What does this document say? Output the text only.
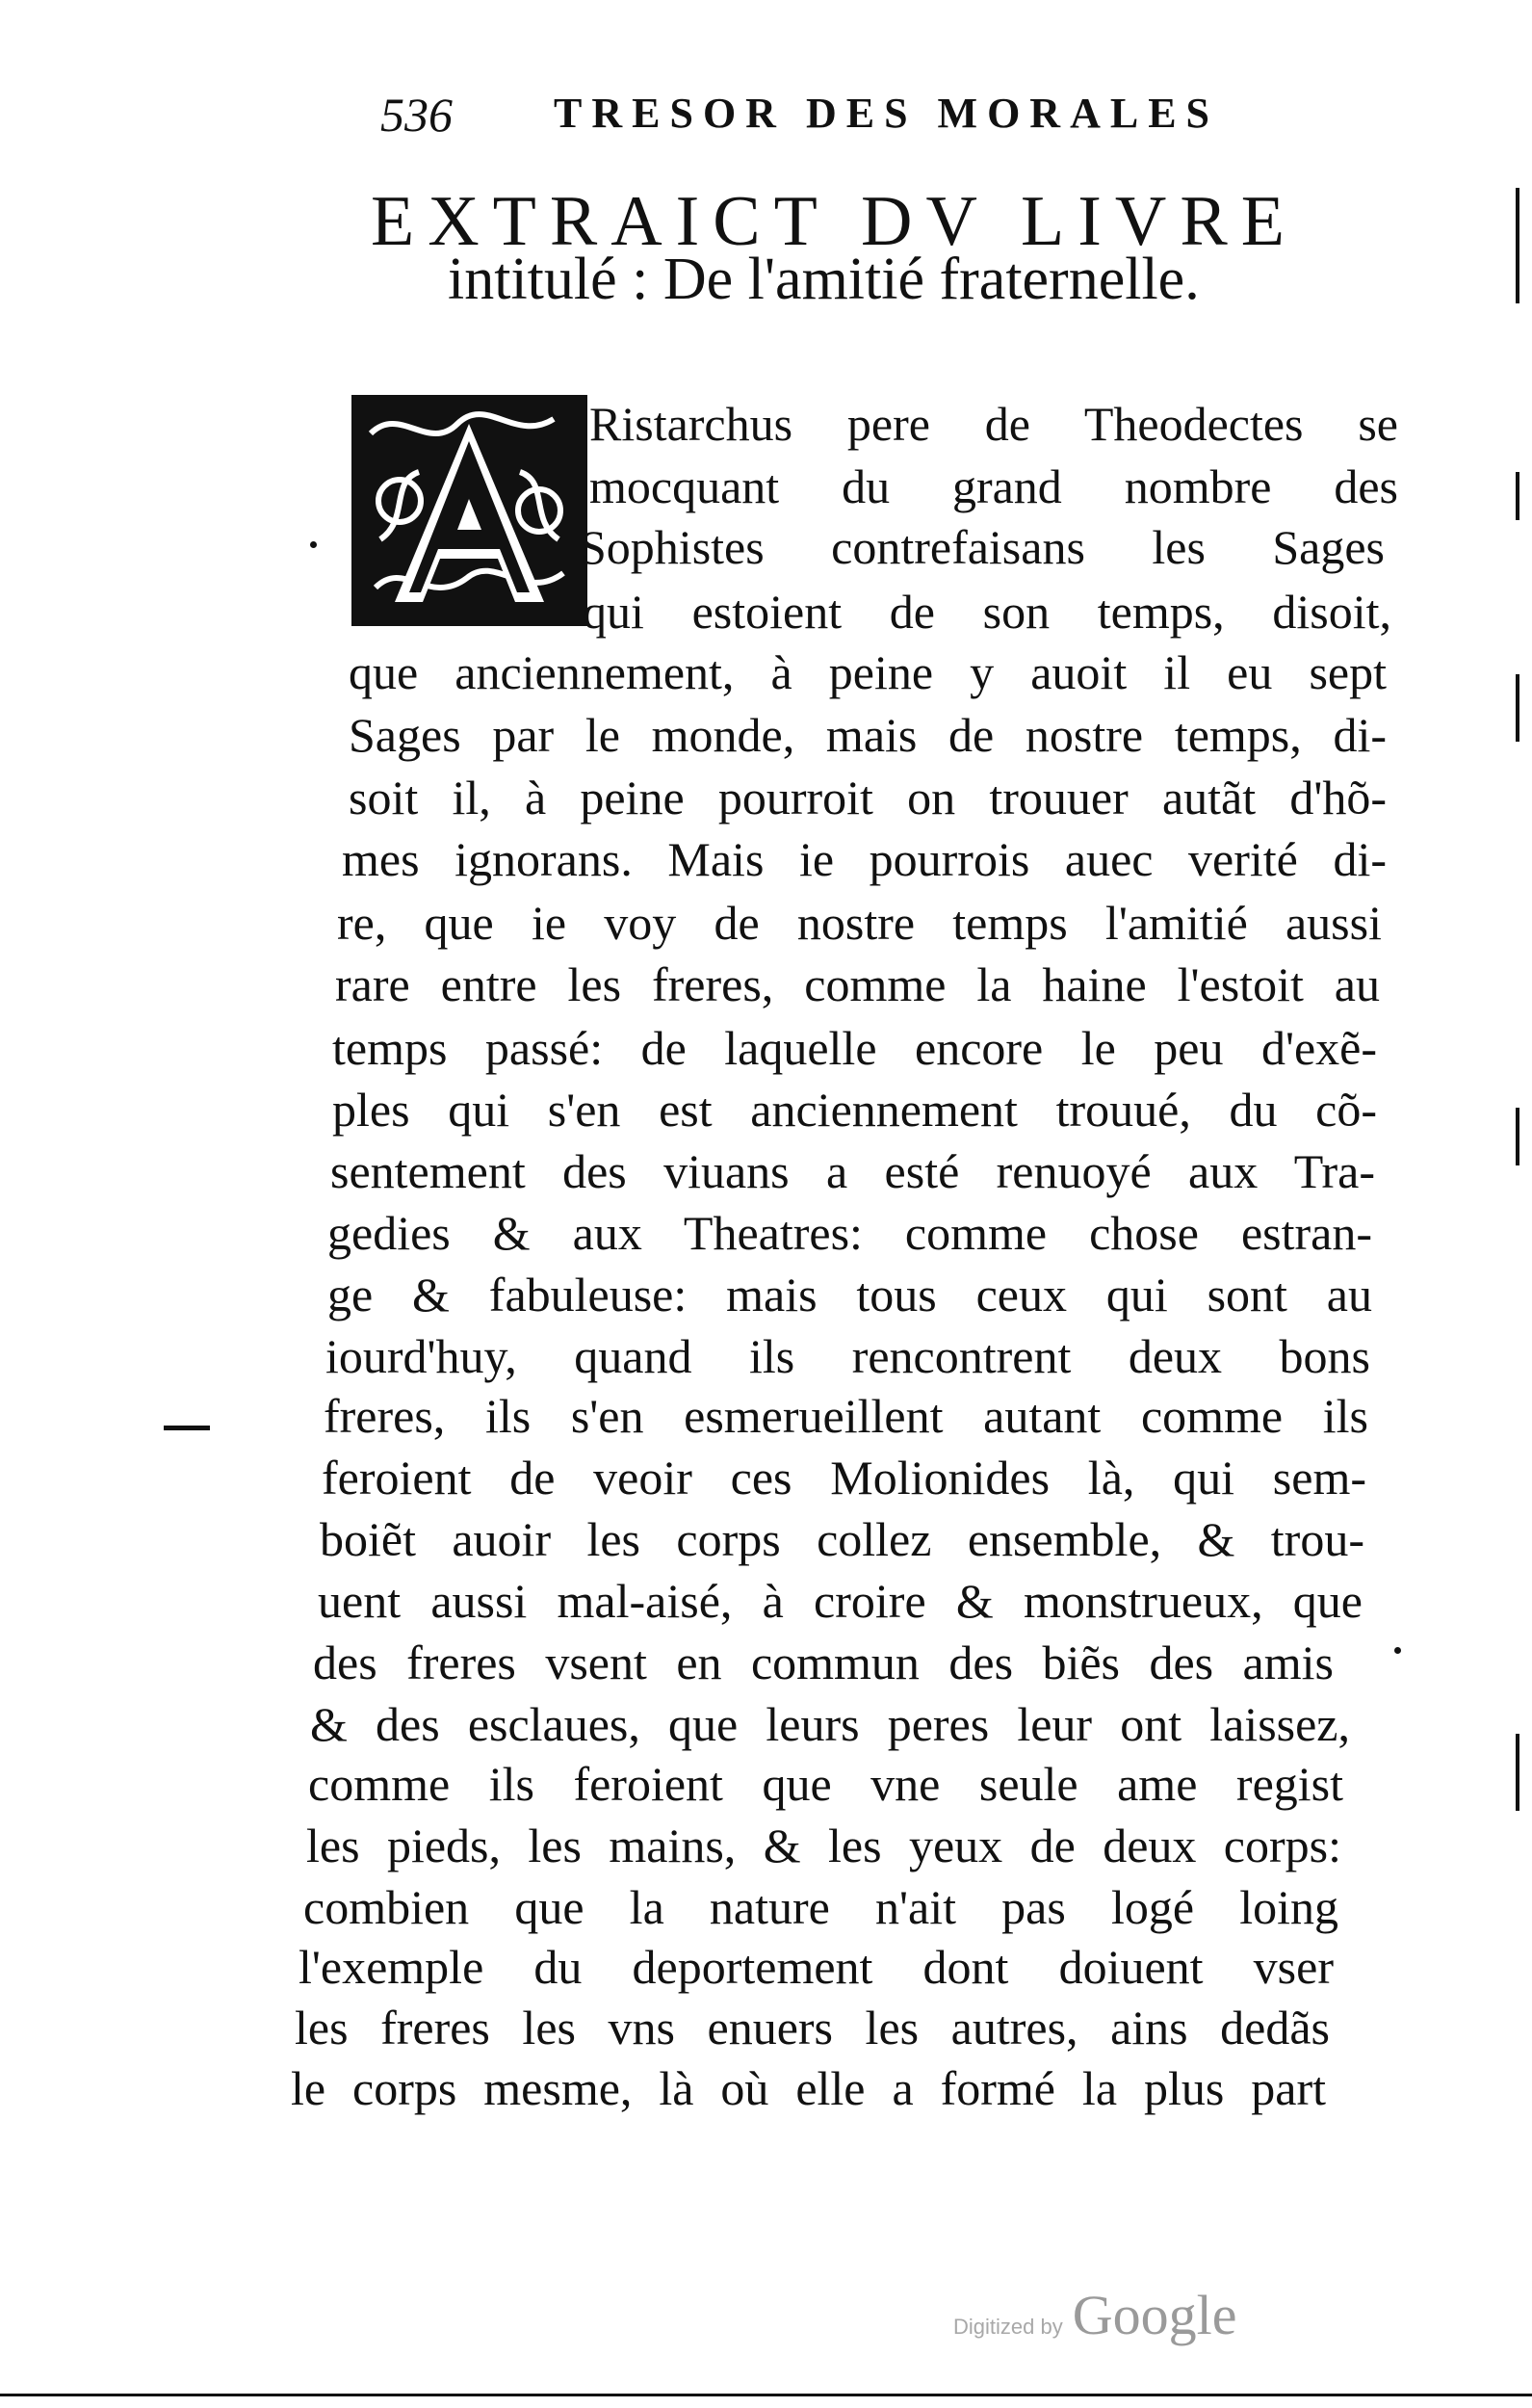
536 TRESOR DES MORALES
EXTRAICT DV LIVRE
intitulé : De l'amitié fraternelle.
Ristarchus pere de Theodectes se
mocquant du grand nombre des
Sophistes contrefaisans les Sages
qui estoient de son temps, disoit,
que anciennement, à peine y auoit il eu sept
Sages par le monde, mais de nostre temps, di-
soit il, à peine pourroit on trouuer autãt d'hõ-
mes ignorans. Mais ie pourrois auec verité di-
re, que ie voy de nostre temps l'amitié aussi
rare entre les freres, comme la haine l'estoit au
temps passé: de laquelle encore le peu d'exẽ-
ples qui s'en est anciennement trouué, du cõ-
sentement des viuans a esté renuoyé aux Tra-
gedies & aux Theatres: comme chose estran-
ge & fabuleuse: mais tous ceux qui sont au
iourd'huy, quand ils rencontrent deux bons
freres, ils s'en esmerueillent autant comme ils
feroient de veoir ces Molionides là, qui sem-
boiẽt auoir les corps collez ensemble, & trou-
uent aussi mal-aisé, à croire & monstrueux, que
des freres vsent en commun des biẽs des amis
& des esclaues, que leurs peres leur ont laissez,
comme ils feroient que vne seule ame regist
les pieds, les mains, & les yeux de deux corps:
combien que la nature n'ait pas logé loing
l'exemple du deportement dont doiuent vser
les freres les vns enuers les autres, ains dedãs
le corps mesme, là où elle a formé la plus part
Digitized by Google
